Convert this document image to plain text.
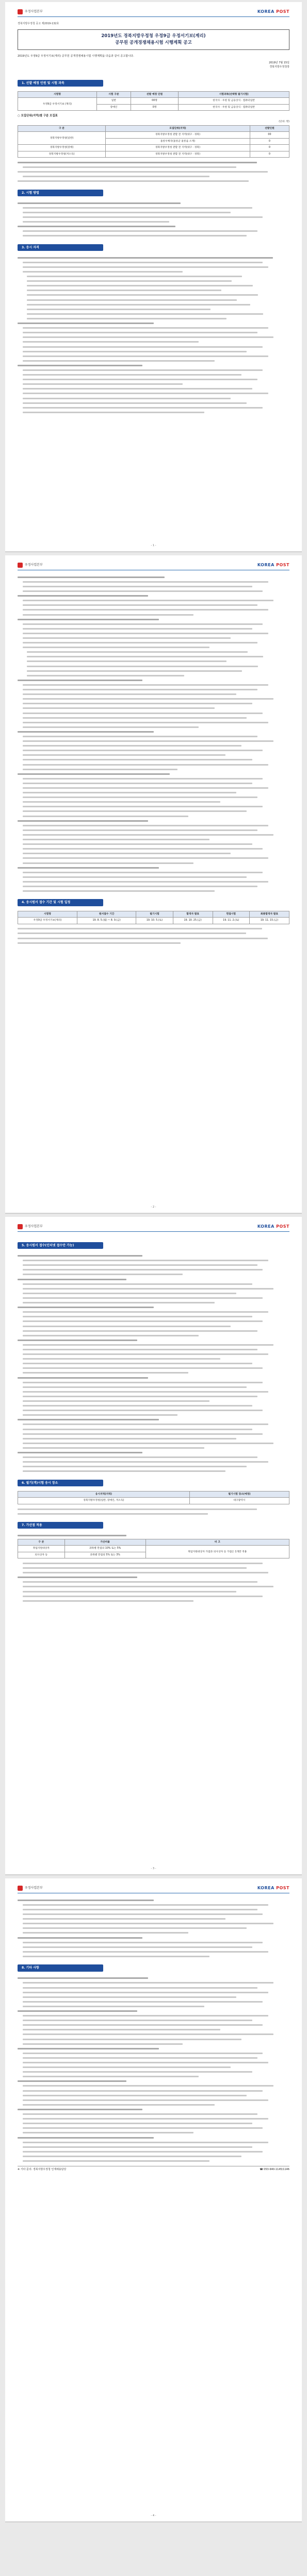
우정사업본부	KOREA POST
경북지방우정청 공고 제2019-132호
2019년도 경북지방우정청 우정9급 우정서기보(계리)
공무원 공개경쟁채용시험 시행계획 공고
2019년도 우정9급 우정서기보(계리) 공무원 공개경쟁채용시험 시행계획을 다음과 같이 공고합니다.
2019년 7월 15일
경북지방우정청장
1. 선발 예정 인원 및 시험 과목
시험명	시험 구분	선발 예정 인원	시험과목(선택형 필기시험)
우정9급 우정서기보 (계리)	일반	00명	한국사 · 우편 및 금융상식 · 컴퓨터일반
	장애인	0명	한국사 · 우편 및 금융상식 · 컴퓨터일반
○ 모집단위(지역)별 구분 모집표
(단위: 명)
구 분	모집단위(지역)	선발인원
경북지방우정청(일반)	경북지방우정청 관할 전 지역(대구 · 경북)	00
	울릉우체국(울릉군 울릉읍 소재)	0
경북지방우정청(장애)	경북지방우정청 관할 전 지역(대구 · 경북)	0
경북지방우정청(저소득)	경북지방우정청 관할 전 지역(대구 · 경북)	0
2. 시험 방법
3. 응시 자격
- 1 -
우정사업본부	KOREA POST
4. 응시원서 접수 기간 및 시험 일정
시험명	원서접수 기간	필기시험	합격자 발표	면접시험	최종합격자 발표
우정9급 우정서기보(계리)	19. 8. 5.(월) ~ 8. 9.(금)	19. 10. 5.(토)	19. 10. 25.(금)	19. 11. 2.(토)	19. 11. 15.(금)
- 2 -
우정사업본부	KOREA POST
5. 응시원서 접수(인터넷 접수만 가능)
6. 필기(객)시험 응시 장소
응시지역(지역)	필기시험 장소(예정)
경북지방우정청(일반, 장애인, 저소득)	대구광역시
7. 가산점 적용
구 분	가산비율	비 고
취업지원대상자	과목별 만점의 10% 또는 5%	취업지원대상자 가점과 의사상자 등 가점은 1개만 적용
의사상자 등	과목별 만점의 5% 또는 3%	
- 3 -
우정사업본부	KOREA POST
8. 기타 사항
※ 기타 문의: 경북지방우정청 인재채용담당	☎ 053-940-1145/1146
- 4 -
